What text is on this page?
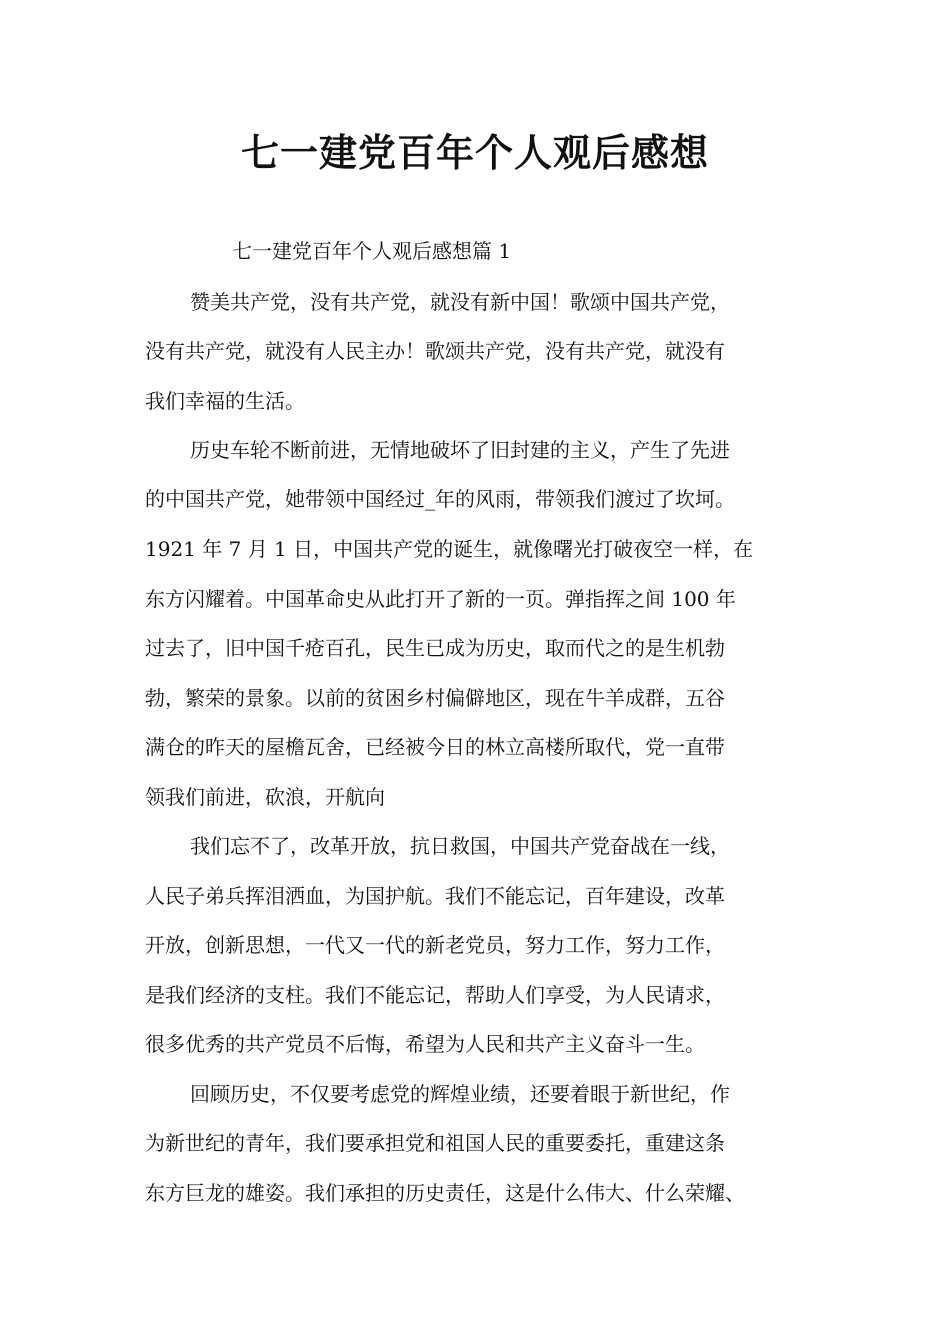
七一建党百年个人观后感想

七一建党百年个人观后感想篇 1

赞美共产党，没有共产党，就没有新中国！歌颂中国共产党，

没有共产党，就没有人民主办！歌颂共产党，没有共产党，就没有

我们幸福的生活。

历史车轮不断前进，无情地破坏了旧封建的主义，产生了先进

的中国共产党，她带领中国经过_年的风雨，带领我们渡过了坎坷。

1921 年 7 月 1 日，中国共产党的诞生，就像曙光打破夜空一样，在

东方闪耀着。中国革命史从此打开了新的一页。弹指挥之间 100 年

过去了，旧中国千疮百孔，民生已成为历史，取而代之的是生机勃

勃，繁荣的景象。以前的贫困乡村偏僻地区，现在牛羊成群，五谷

满仓的昨天的屋檐瓦舍，已经被今日的林立高楼所取代，党一直带

领我们前进，砍浪，开航向

我们忘不了，改革开放，抗日救国，中国共产党奋战在一线，

人民子弟兵挥泪洒血，为国护航。我们不能忘记，百年建设，改革

开放，创新思想，一代又一代的新老党员，努力工作，努力工作，

是我们经济的支柱。我们不能忘记，帮助人们享受，为人民请求，

很多优秀的共产党员不后悔，希望为人民和共产主义奋斗一生。

回顾历史，不仅要考虑党的辉煌业绩，还要着眼于新世纪，作

为新世纪的青年，我们要承担党和祖国人民的重要委托，重建这条

东方巨龙的雄姿。我们承担的历史责任，这是什么伟大、什么荣耀、
